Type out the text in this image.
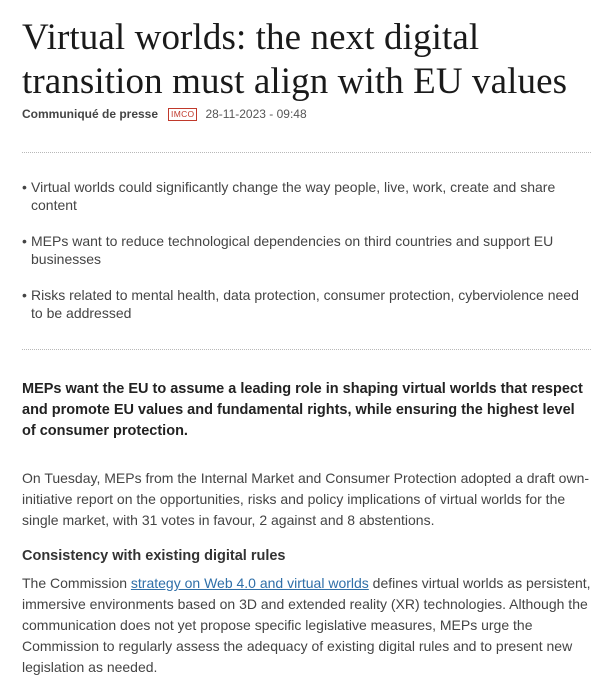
Virtual worlds: the next digital transition must align with EU values
Communiqué de presse	IMCO 28-11-2023 - 09:48
• Virtual worlds could significantly change the way people, live, work, create and share content
• MEPs want to reduce technological dependencies on third countries and support EU businesses
• Risks related to mental health, data protection, consumer protection, cyberviolence need to be addressed

MEPs want the EU to assume a leading role in shaping virtual worlds that respect and promote EU values and fundamental rights, while ensuring the highest level of consumer protection.

On Tuesday, MEPs from the Internal Market and Consumer Protection adopted a draft own-initiative report on the opportunities, risks and policy implications of virtual worlds for the single market, with 31 votes in favour, 2 against and 8 abstentions.

Consistency with existing digital rules

The Commission strategy on Web 4.0 and virtual worlds defines virtual worlds as persistent, immersive environments based on 3D and extended reality (XR) technologies. Although the communication does not yet propose specific legislative measures, MEPs urge the Commission to regularly assess the adequacy of existing digital rules and to present new legislation as needed.
